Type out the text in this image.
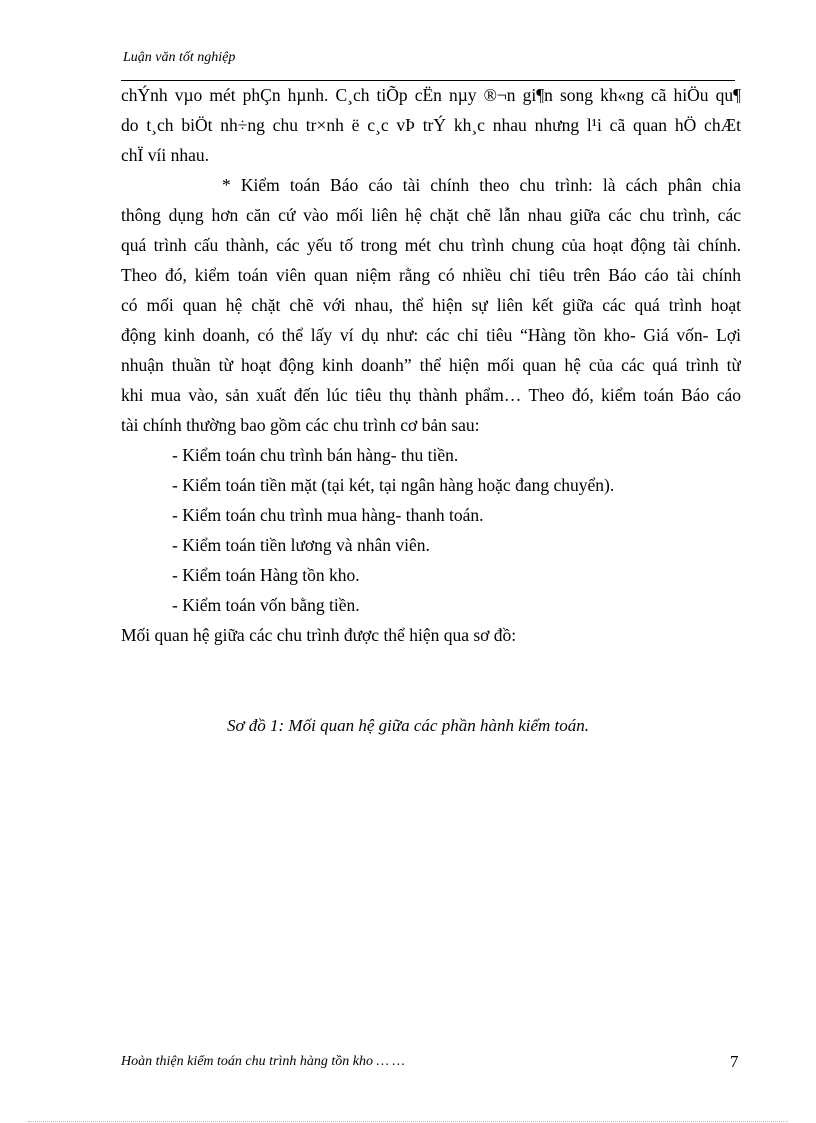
Luận văn tốt nghiệp
chÝnh vµo mét phÇn hµnh. C¸ch tiÕp cËn nµy ®¬n gi¶n song kh«ng cã hiÖu qu¶
do t¸ch biÖt nh÷ng chu tr×nh ë c¸c vÞ trÝ kh¸c nhau nhưng l¹i cã quan hÖ chÆt
chÏ víi nhau.
* Kiểm toán Báo cáo tài chính theo chu trình: là cách phân chia
thông dụng hơn căn cứ vào mối liên hệ chặt chẽ lẫn nhau giữa các chu trình, các
quá trình cấu thành, các yếu tố trong mét chu trình chung của hoạt động tài chính.
Theo đó, kiểm toán viên quan niệm rằng có nhiều chỉ tiêu trên Báo cáo tài chính
có mối quan hệ chặt chẽ với nhau, thể hiện sự liên kết giữa các quá trình hoạt
động kinh doanh, có thể lấy ví dụ như: các chỉ tiêu “Hàng tồn kho- Giá vốn- Lợi
nhuận thuần từ hoạt động kinh doanh” thể hiện mối quan hệ của các quá trình từ
khi mua vào, sản xuất đến lúc tiêu thụ thành phẩm… Theo đó, kiểm toán Báo cáo
tài chính thường bao gồm các chu trình cơ bản sau:
- Kiểm toán chu trình bán hàng- thu tiền.
- Kiểm toán tiền mặt (tại két, tại ngân hàng hoặc đang chuyển).
- Kiểm toán chu trình mua hàng- thanh toán.
- Kiểm toán tiền lương và nhân viên.
- Kiểm toán Hàng tồn kho.
- Kiểm toán vốn bằng tiền.
Mối quan hệ giữa các chu trình được thể hiện qua sơ đồ:
Sơ đồ 1: Mối quan hệ giữa các phần hành kiểm toán.
Hoàn thiện kiểm toán chu trình hàng tồn kho … …	7
